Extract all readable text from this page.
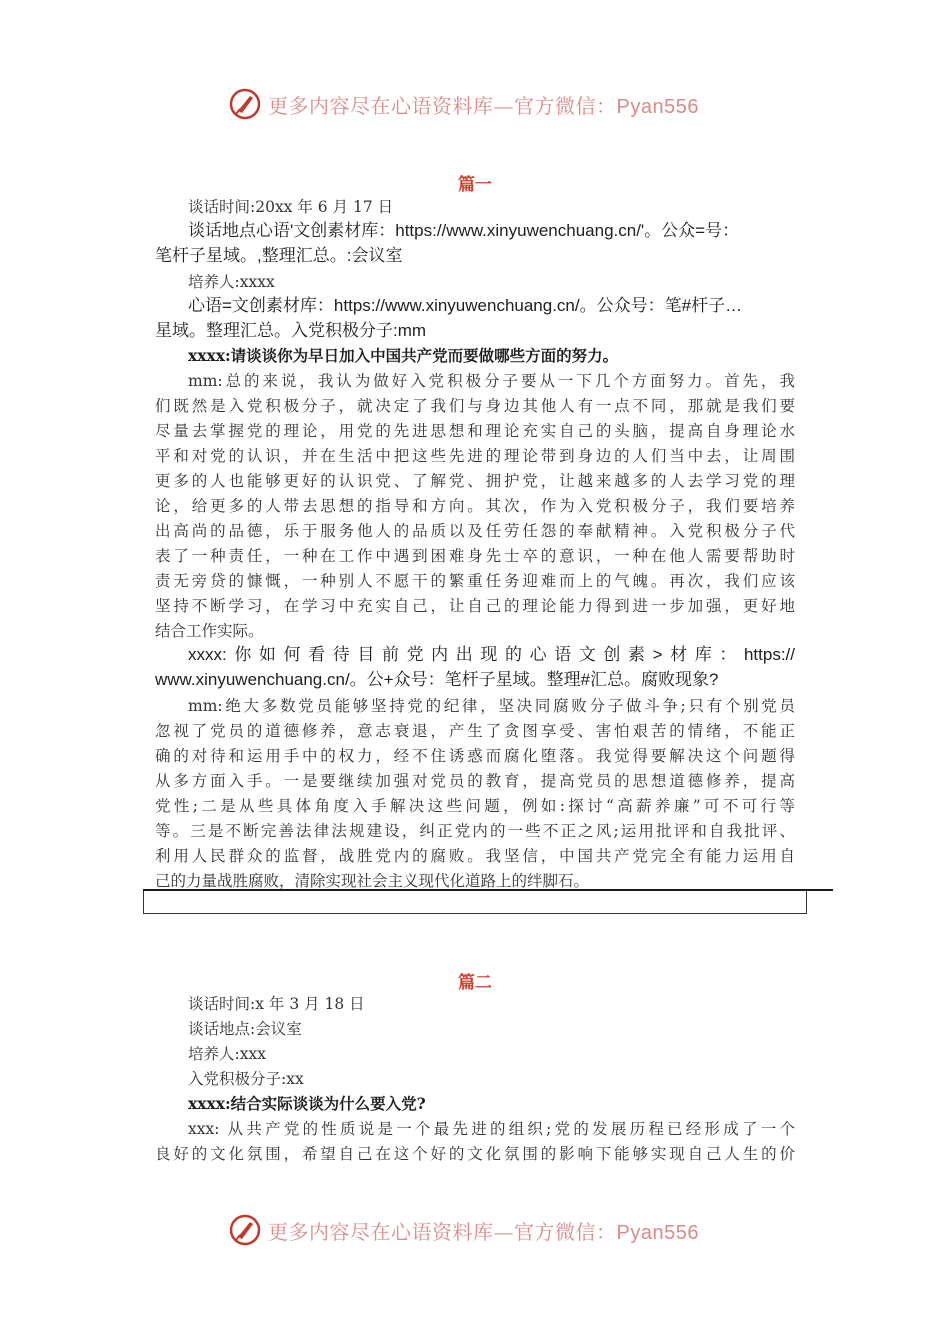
更多内容尽在心语资料库—官方微信：Pyan556
篇一
谈话时间:20xx 年 6 月 17 日
谈话地点心语'文创素材库：https://www.xinyuwenchuang.cn/'。公众=号：
笔杆子星域。,整理汇总。:会议室
培养人:xxxx
心语=文创素材库：https://www.xinyuwenchuang.cn/。公众号：笔#杆子…
星域。整理汇总。入党积极分子:mm
xxxx:请谈谈你为早日加入中国共产党而要做哪些方面的努力。
mm:总的来说，我认为做好入党积极分子要从一下几个方面努力。首先，我
们既然是入党积极分子，就决定了我们与身边其他人有一点不同，那就是我们要
尽量去掌握党的理论，用党的先进思想和理论充实自己的头脑，提高自身理论水
平和对党的认识，并在生活中把这些先进的理论带到身边的人们当中去，让周围
更多的人也能够更好的认识党、了解党、拥护党，让越来越多的人去学习党的理
论，给更多的人带去思想的指导和方向。其次，作为入党积极分子，我们要培养
出高尚的品德，乐于服务他人的品质以及任劳任怨的奉献精神。入党积极分子代
表了一种责任，一种在工作中遇到困难身先士卒的意识，一种在他人需要帮助时
责无旁贷的慷慨，一种别人不愿干的繁重任务迎难而上的气魄。再次，我们应该
坚持不断学习，在学习中充实自己，让自己的理论能力得到进一步加强，更好地
结合工作实际。
xxxx:你如何看待目前党内出现的心语文创素>材库：https://
www.xinyuwenchuang.cn/。公+众号：笔杆子星域。整理#汇总。腐败现象?
mm:绝大多数党员能够坚持党的纪律，坚决同腐败分子做斗争;只有个别党员
忽视了党员的道德修养，意志衰退，产生了贪图享受、害怕艰苦的情绪，不能正
确的对待和运用手中的权力，经不住诱惑而腐化堕落。我觉得要解决这个问题得
从多方面入手。一是要继续加强对党员的教育，提高党员的思想道德修养，提高
党性;二是从些具体角度入手解决这些问题，例如:探讨“高薪养廉”可不可行等
等。三是不断完善法律法规建设，纠正党内的一些不正之风;运用批评和自我批评、
利用人民群众的监督，战胜党内的腐败。我坚信，中国共产党完全有能力运用自
己的力量战胜腐败，清除实现社会主义现代化道路上的绊脚石。
篇二
谈话时间:x 年 3 月 18 日
谈话地点:会议室
培养人:xxx
入党积极分子:xx
xxxx:结合实际谈谈为什么要入党?
xxx: 从共产党的性质说是一个最先进的组织;党的发展历程已经形成了一个
良好的文化氛围，希望自己在这个好的文化氛围的影响下能够实现自己人生的价
更多内容尽在心语资料库—官方微信：Pyan556
